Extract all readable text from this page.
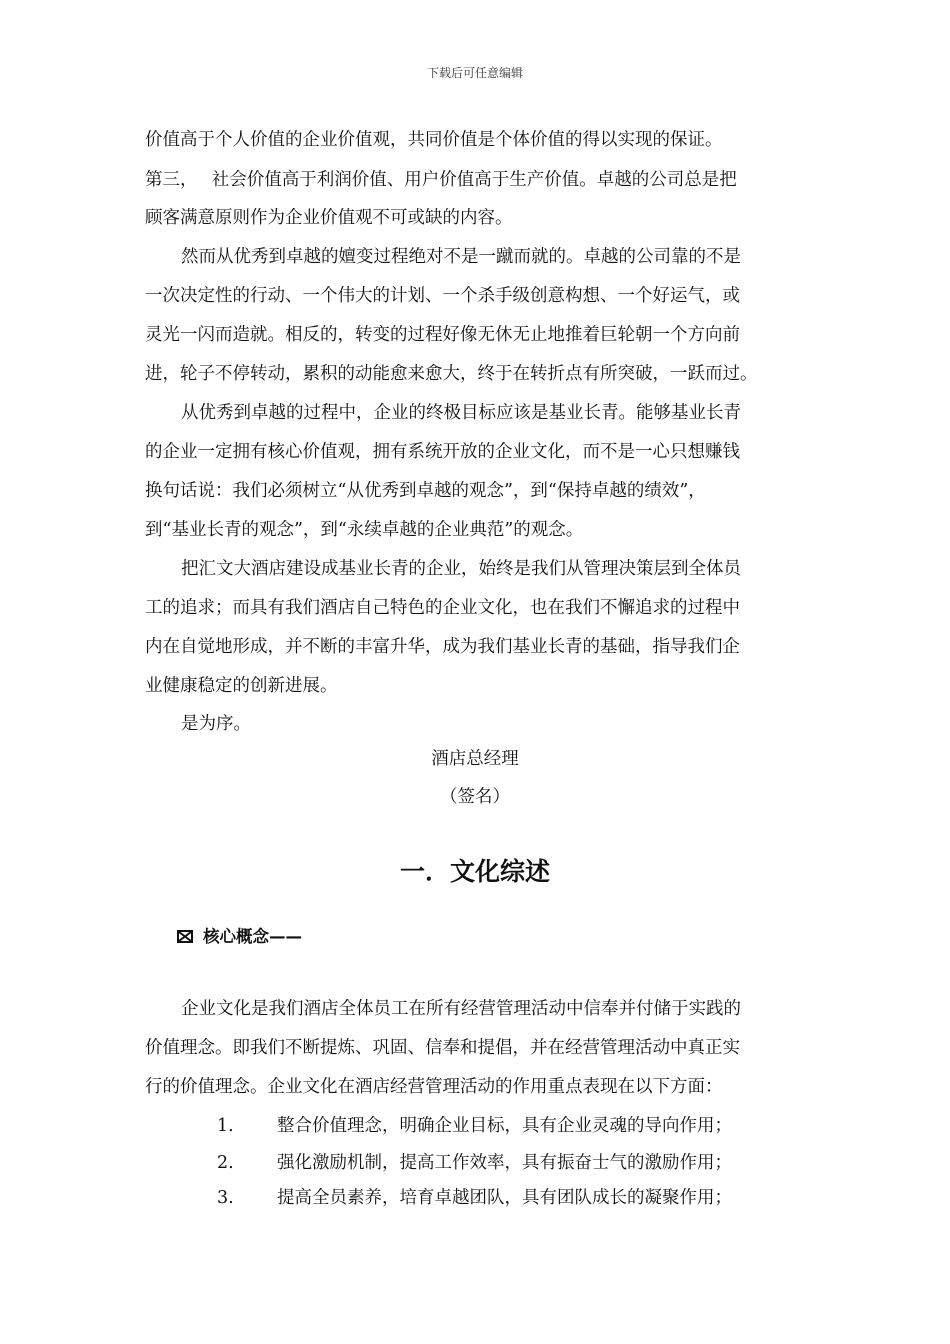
下载后可任意编辑
价值高于个人价值的企业价值观，共同价值是个体价值的得以实现的保证。
第三，　 社会价值高于利润价值、用户价值高于生产价值。卓越的公司总是把
顾客满意原则作为企业价值观不可或缺的内容。
然而从优秀到卓越的嬗变过程绝对不是一蹴而就的。卓越的公司靠的不是
一次决定性的行动、一个伟大的计划、一个杀手级创意构想、一个好运气，或
灵光一闪而造就。相反的，转变的过程好像无休无止地推着巨轮朝一个方向前
进，轮子不停转动，累积的动能愈来愈大，终于在转折点有所突破，一跃而过。
从优秀到卓越的过程中，企业的终极目标应该是基业长青。能够基业长青
的企业一定拥有核心价值观，拥有系统开放的企业文化，而不是一心只想赚钱
换句话说：我们必须树立“从优秀到卓越的观念”，到“保持卓越的绩效”，
到“基业长青的观念”，到“永续卓越的企业典范”的观念。
把汇文大酒店建设成基业长青的企业，始终是我们从管理决策层到全体员
工的追求；而具有我们酒店自己特色的企业文化，也在我们不懈追求的过程中
内在自觉地形成，并不断的丰富升华，成为我们基业长青的基础，指导我们企
业健康稳定的创新进展。
是为序。
酒店总经理
（签名）
一．文化综述
核心概念——
企业文化是我们酒店全体员工在所有经营管理活动中信奉并付储于实践的
价值理念。即我们不断提炼、巩固、信奉和提倡，并在经营管理活动中真正实
行的价值理念。企业文化在酒店经营管理活动的作用重点表现在以下方面：
1. 整合价值理念，明确企业目标，具有企业灵魂的导向作用；
2. 强化激励机制，提高工作效率，具有振奋士气的激励作用；
3. 提高全员素养，培育卓越团队，具有团队成长的凝聚作用；
